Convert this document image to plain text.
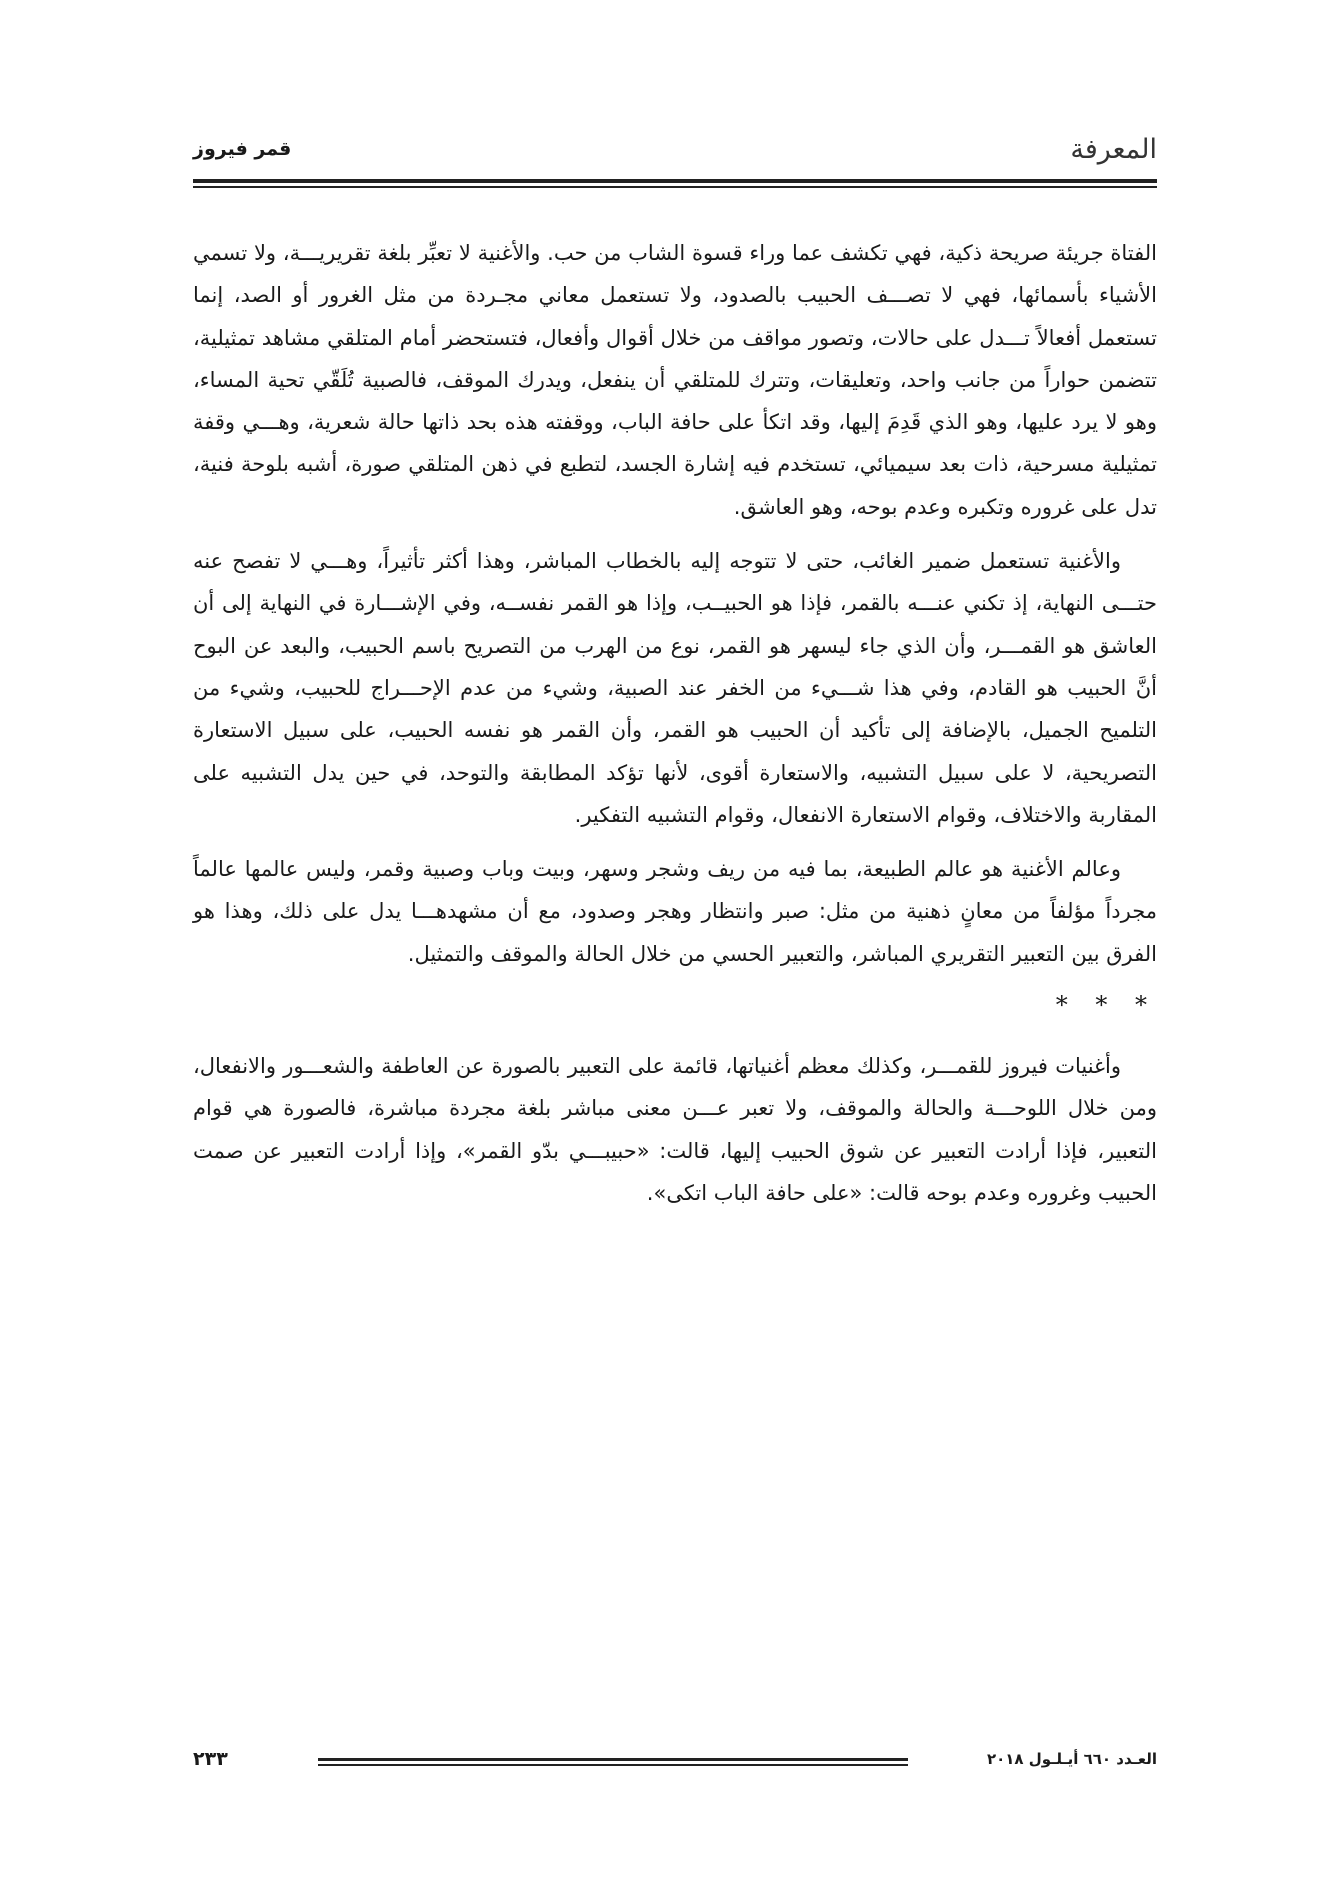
المعرفة
قمر فيروز

الفتاة جريئة صريحة ذكية، فهي تكشف عما وراء قسوة الشاب من حب. والأغنية لا تعبِّر بلغة تقريريـــة، ولا تسمي الأشياء بأسمائها، فهي لا تصـــف الحبيب بالصدود، ولا تستعمل معاني مجـردة من مثل الغرور أو الصد، إنما تستعمل أفعالاً تـــدل على حالات، وتصور مواقف من خلال أقوال وأفعال، فتستحضر أمام المتلقي مشاهد تمثيلية، تتضمن حواراً من جانب واحد، وتعليقات، وتترك للمتلقي أن ينفعل، ويدرك الموقف، فالصبية تُلَقّي تحية المساء، وهو لا يرد عليها، وهو الذي قَدِمَ إليها، وقد اتكأ على حافة الباب، ووقفته هذه بحد ذاتها حالة شعرية، وهـــي وقفة تمثيلية مسرحية، ذات بعد سيميائي، تستخدم فيه إشارة الجسد، لتطبع في ذهن المتلقي صورة، أشبه بلوحة فنية، تدل على غروره وتكبره وعدم بوحه، وهو العاشق.

والأغنية تستعمل ضمير الغائب، حتى لا تتوجه إليه بالخطاب المباشر، وهذا أكثر تأثيراً، وهـــي لا تفصح عنه حتـــى النهاية، إذ تكني عنـــه بالقمر، فإذا هو الحبيــب، وإذا هو القمر نفســه، وفي الإشـــارة في النهاية إلى أن العاشق هو القمـــر، وأن الذي جاء ليسهر هو القمر، نوع من الهرب من التصريح باسم الحبيب، والبعد عن البوح أنَّ الحبيب هو القادم، وفي هذا شـــيء من الخفر عند الصبية، وشيء من عدم الإحـــراج للحبيب، وشيء من التلميح الجميل، بالإضافة إلى تأكيد أن الحبيب هو القمر، وأن القمر هو نفسه الحبيب، على سبيل الاستعارة التصريحية، لا على سبيل التشبيه، والاستعارة أقوى، لأنها تؤكد المطابقة والتوحد، في حين يدل التشبيه على المقاربة والاختلاف، وقوام الاستعارة الانفعال، وقوام التشبيه التفكير.

وعالم الأغنية هو عالم الطبيعة، بما فيه من ريف وشجر وسهر، وبيت وباب وصبية وقمر، وليس عالمها عالماً مجرداً مؤلفاً من معانٍ ذهنية من مثل: صبر وانتظار وهجر وصدود، مع أن مشهدهـــا يدل على ذلك، وهذا هو الفرق بين التعبير التقريري المباشر، والتعبير الحسي من خلال الحالة والموقف والتمثيل.

* * *

وأغنيات فيروز للقمـــر، وكذلك معظم أغنياتها، قائمة على التعبير بالصورة عن العاطفة والشعـــور والانفعال، ومن خلال اللوحـــة والحالة والموقف، ولا تعبر عـــن معنى مباشر بلغة مجردة مباشرة، فالصورة هي قوام التعبير، فإذا أرادت التعبير عن شوق الحبيب إليها، قالت: «حبيبـــي بدّو القمر»، وإذا أرادت التعبير عن صمت الحبيب وغروره وعدم بوحه قالت: «على حافة الباب اتكى».

العـدد ٦٦٠ أيـلـول ٢٠١٨
٢٣٣
